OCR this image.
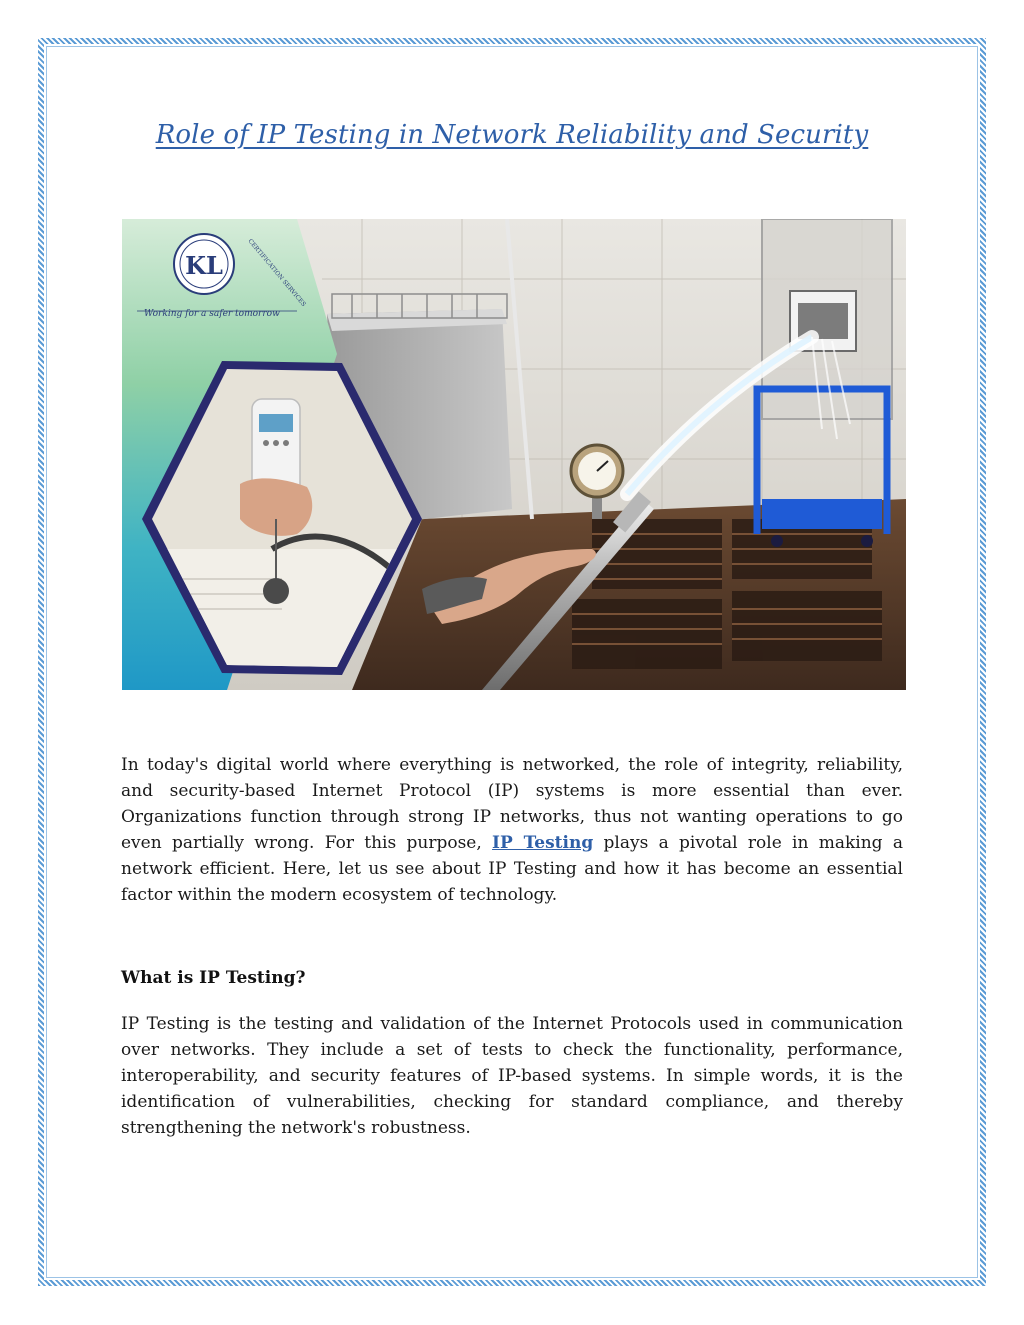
Role of IP Testing in Network Reliability and Security
KL	CERTIFICATION SERVICES
Working for a safer tomorrow
In today's digital world where everything is networked, the role of integrity, reliability, and security-based Internet Protocol (IP) systems is more essential than ever. Organizations function through strong IP networks, thus not wanting operations to go even partially wrong. For this purpose, IP Testing plays a pivotal role in making a network efficient. Here, let us see about IP Testing and how it has become an essential factor within the modern ecosystem of technology.
What is IP Testing?
IP Testing is the testing and validation of the Internet Protocols used in communication over networks. They include a set of tests to check the functionality, performance, interoperability, and security features of IP-based systems. In simple words, it is the identification of vulnerabilities, checking for standard compliance, and thereby strengthening the network's robustness.
